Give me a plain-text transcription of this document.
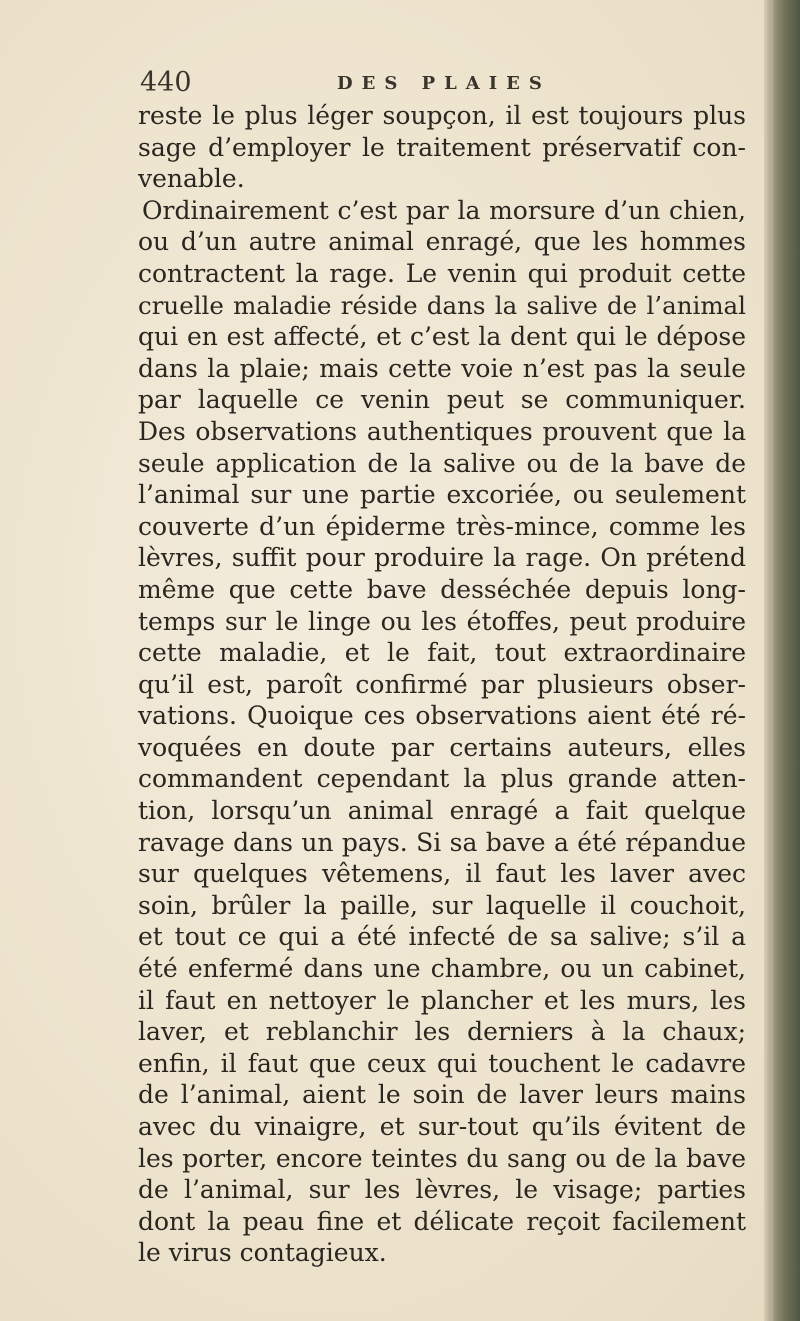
440	DES PLAIES
reste le plus léger soupçon, il est toujours plus
sage d’employer le traitement préservatif con-
venable.
Ordinairement c’est par la morsure d’un chien,
ou d’un autre animal enragé, que les hommes
contractent la rage. Le venin qui produit cette
cruelle maladie réside dans la salive de l’animal
qui en est affecté, et c’est la dent qui le dépose
dans la plaie; mais cette voie n’est pas la seule
par laquelle ce venin peut se communiquer.
Des observations authentiques prouvent que la
seule application de la salive ou de la bave de
l’animal sur une partie excoriée, ou seulement
couverte d’un épiderme très-mince, comme les
lèvres, suffit pour produire la rage. On prétend
même que cette bave desséchée depuis long-
temps sur le linge ou les étoffes, peut produire
cette maladie, et le fait, tout extraordinaire
qu’il est, paroît confirmé par plusieurs obser-
vations. Quoique ces observations aient été ré-
voquées en doute par certains auteurs, elles
commandent cependant la plus grande atten-
tion, lorsqu’un animal enragé a fait quelque
ravage dans un pays. Si sa bave a été répandue
sur quelques vêtemens, il faut les laver avec
soin, brûler la paille, sur laquelle il couchoit,
et tout ce qui a été infecté de sa salive; s’il a
été enfermé dans une chambre, ou un cabinet,
il faut en nettoyer le plancher et les murs, les
laver, et reblanchir les derniers à la chaux;
enfin, il faut que ceux qui touchent le cadavre
de l’animal, aient le soin de laver leurs mains
avec du vinaigre, et sur-tout qu’ils évitent de
les porter, encore teintes du sang ou de la bave
de l’animal, sur les lèvres, le visage; parties
dont la peau fine et délicate reçoit facilement
le virus contagieux.
